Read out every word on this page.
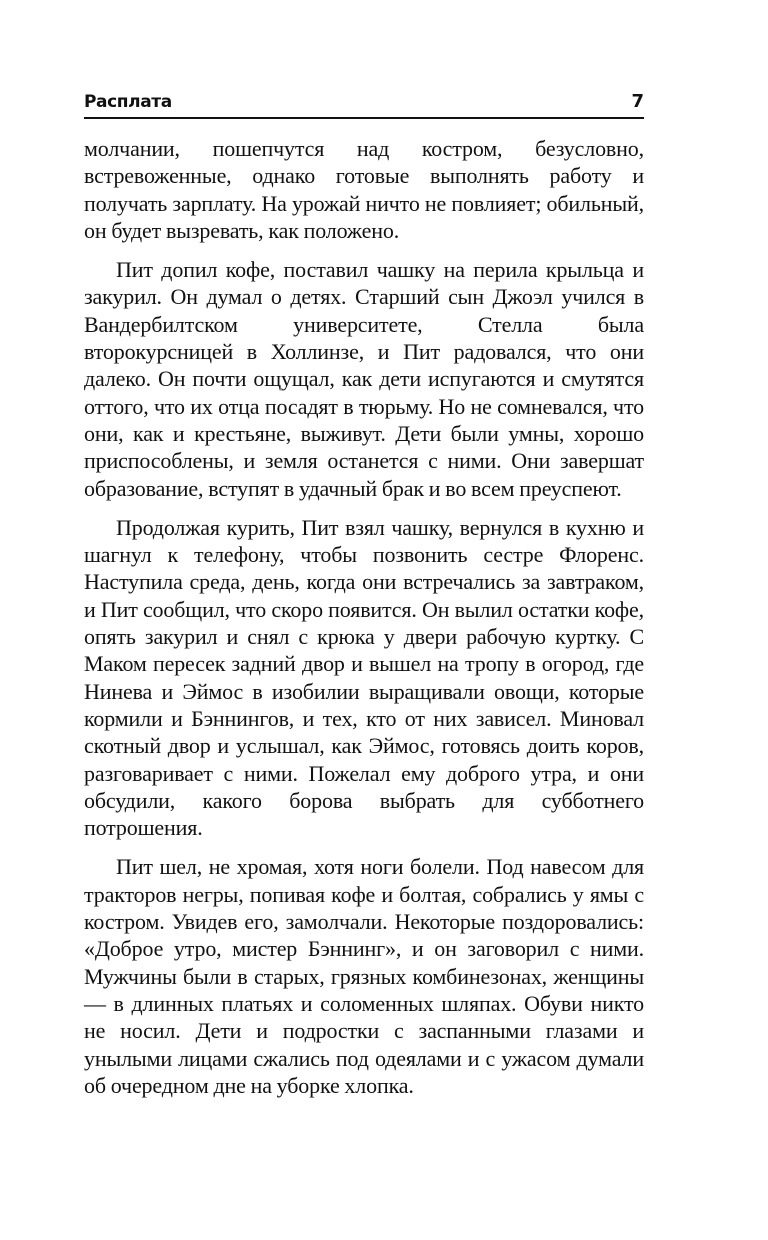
Расплата	7

молчании, пошепчутся над костром, безусловно, встревоженные, однако готовые выполнять работу и получать зарплату. На урожай ничто не повлияет; обильный, он будет вызревать, как положено.

Пит допил кофе, поставил чашку на перила крыльца и закурил. Он думал о детях. Старший сын Джоэл учился в Вандербилтском университете, Стелла была второкурсницей в Холлинзе, и Пит радовался, что они далеко. Он почти ощущал, как дети испугаются и смутятся оттого, что их отца посадят в тюрьму. Но не сомневался, что они, как и крестьяне, выживут. Дети были умны, хорошо приспособлены, и земля останется с ними. Они завершат образование, вступят в удачный брак и во всем преуспеют.

Продолжая курить, Пит взял чашку, вернулся в кухню и шагнул к телефону, чтобы позвонить сестре Флоренс. Наступила среда, день, когда они встречались за завтраком, и Пит сообщил, что скоро появится. Он вылил остатки кофе, опять закурил и снял с крюка у двери рабочую куртку. С Маком пересек задний двор и вышел на тропу в огород, где Нинева и Эймос в изобилии выращивали овощи, которые кормили и Бэннингов, и тех, кто от них зависел. Миновал скотный двор и услышал, как Эймос, готовясь доить коров, разговаривает с ними. Пожелал ему доброго утра, и они обсудили, какого борова выбрать для субботнего потрошения.

Пит шел, не хромая, хотя ноги болели. Под навесом для тракторов негры, попивая кофе и болтая, собрались у ямы с костром. Увидев его, замолчали. Некоторые поздоровались: «Доброе утро, мистер Бэннинг», и он заговорил с ними. Мужчины были в старых, грязных комбинезонах, женщины — в длинных платьях и соломенных шляпах. Обуви никто не носил. Дети и подростки с заспанными глазами и унылыми лицами сжались под одеялами и с ужасом думали об очередном дне на уборке хлопка.
